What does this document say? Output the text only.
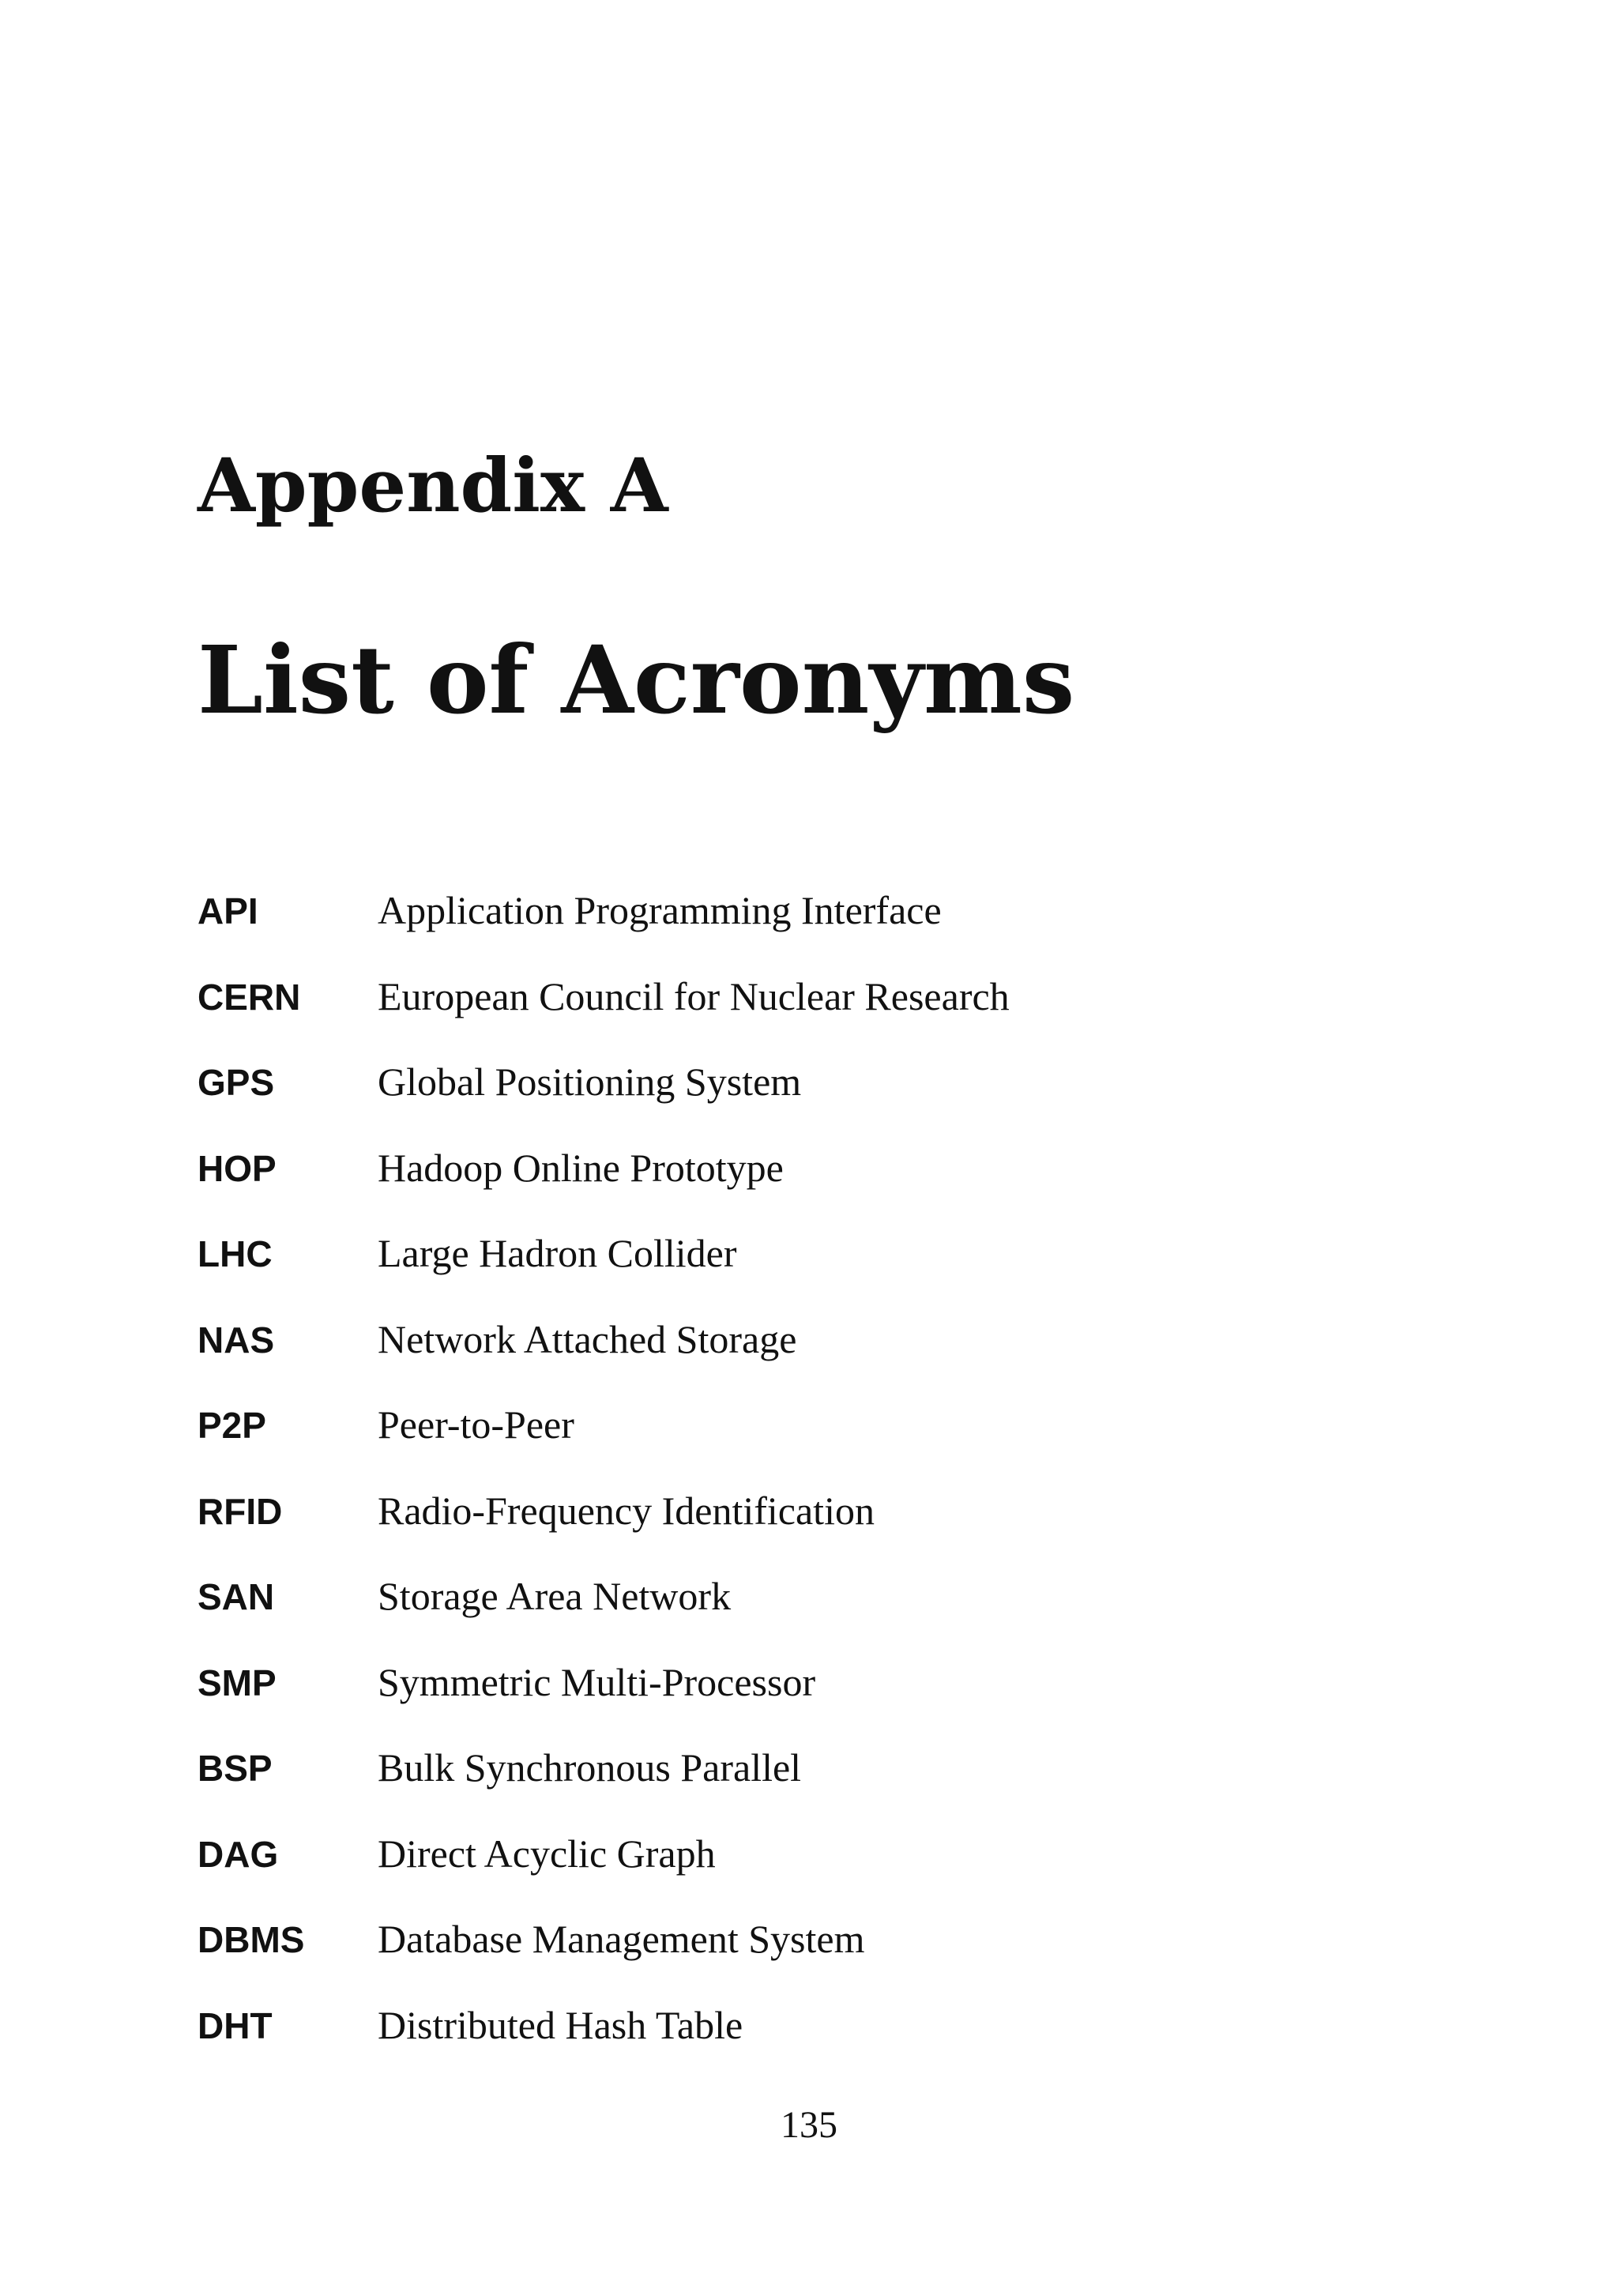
Appendix A
List of Acronyms
API	Application Programming Interface
CERN	European Council for Nuclear Research
GPS	Global Positioning System
HOP	Hadoop Online Prototype
LHC	Large Hadron Collider
NAS	Network Attached Storage
P2P	Peer-to-Peer
RFID	Radio-Frequency Identification
SAN	Storage Area Network
SMP	Symmetric Multi-Processor
BSP	Bulk Synchronous Parallel
DAG	Direct Acyclic Graph
DBMS	Database Management System
DHT	Distributed Hash Table
135
